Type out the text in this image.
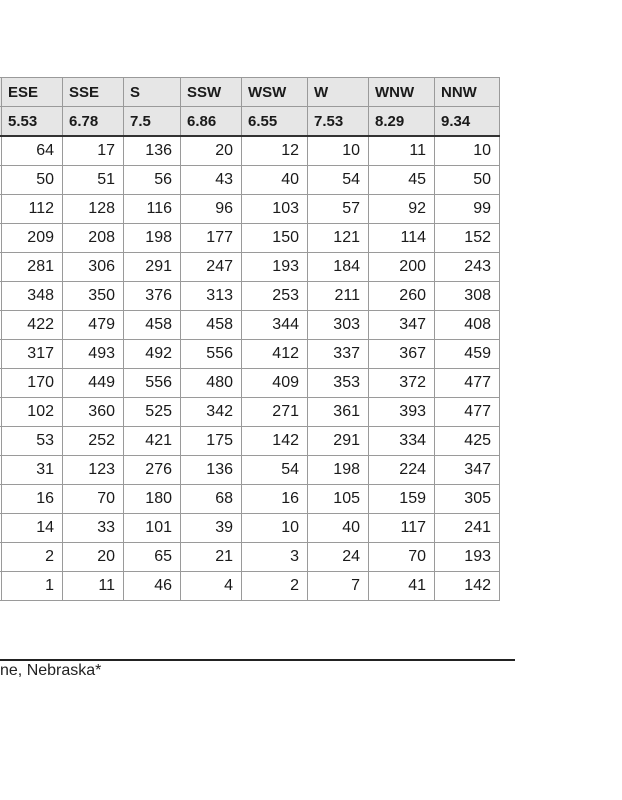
	ESE	SSE	S	SSW	WSW	W	WNW	NNW
	5.53	6.78	7.5	6.86	6.55	7.53	8.29	9.34
	64	17	136	20	12	10	11	10
	50	51	56	43	40	54	45	50
	112	128	116	96	103	57	92	99
	209	208	198	177	150	121	114	152
	281	306	291	247	193	184	200	243
	348	350	376	313	253	211	260	308
	422	479	458	458	344	303	347	408
	317	493	492	556	412	337	367	459
	170	449	556	480	409	353	372	477
	102	360	525	342	271	361	393	477
	53	252	421	175	142	291	334	425
	31	123	276	136	54	198	224	347
	16	70	180	68	16	105	159	305
	14	33	101	39	10	40	117	241
	2	20	65	21	3	24	70	193
	1	11	46	4	2	7	41	142
ne, Nebraska*
